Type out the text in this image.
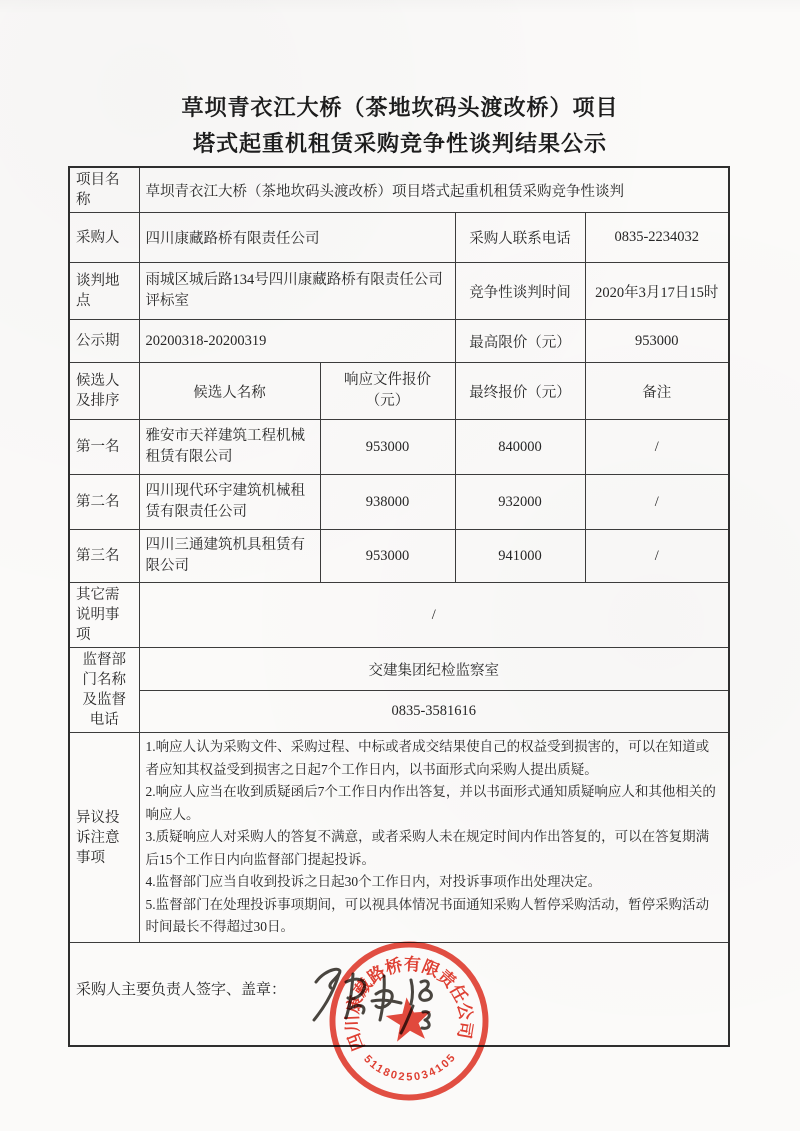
草坝青衣江大桥（茶地坎码头渡改桥）项目
塔式起重机租赁采购竞争性谈判结果公示
项目名称	草坝青衣江大桥（茶地坎码头渡改桥）项目塔式起重机租赁采购竞争性谈判			
采购人	四川康藏路桥有限责任公司		采购人联系电话	0835-2234032
谈判地点	雨城区城后路134号四川康藏路桥有限责任公司评标室		竞争性谈判时间	2020年3月17日15时
公示期	20200318-20200319		最高限价（元）	953000
候选人及排序	候选人名称	响应文件报价（元）	最终报价（元）	备注
第一名	雅安市天祥建筑工程机械租赁有限公司	953000	840000	/
第二名	四川现代环宇建筑机械租赁有限责任公司	938000	932000	/
第三名	四川三通建筑机具租赁有限公司	953000	941000	/
其它需说明事项	/			
监督部门名称及监督电话	交建集团纪检监察室			
	0835-3581616			
异议投诉注意事项	1.响应人认为采购文件、采购过程、中标或者成交结果使自己的权益受到损害的，可以在知道或者应知其权益受到损害之日起7个工作日内，以书面形式向采购人提出质疑。
2.响应人应当在收到质疑函后7个工作日内作出答复，并以书面形式通知质疑响应人和其他相关的响应人。
3.质疑响应人对采购人的答复不满意，或者采购人未在规定时间内作出答复的，可以在答复期满后15个工作日内向监督部门提起投诉。
4.监督部门应当自收到投诉之日起30个工作日内，对投诉事项作出处理决定。
5.监督部门在处理投诉事项期间，可以视具体情况书面通知采购人暂停采购活动，暂停采购活动时间最长不得超过30日。			

采购人主要负责人签字、盖章：				
四川康藏路桥有限责任公司
5118025034105
